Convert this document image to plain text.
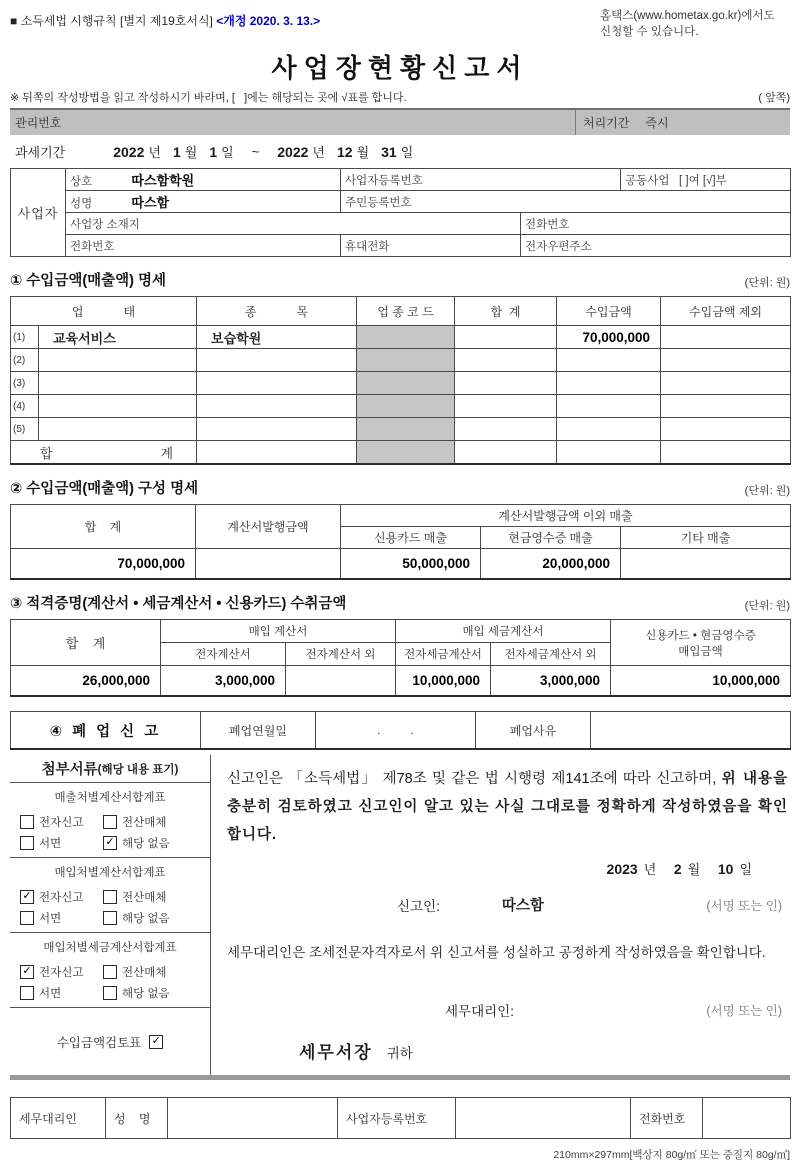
■ 소득세법 시행규칙 [별지 제19호서식] <개정 2020. 3. 13.>	홈택스(www.hometax.go.kr)에서도
신청할 수 있습니다.
사업장현황신고서
※ 뒤쪽의 작성방법을 읽고 작성하시기 바라며, [   ]에는 해당되는 곳에 √표를 합니다.	( 앞쪽)
관리번호	처리기간 즉시
과세기간	2022 년 1 월 1 일 ~ 2022 년 12 월 31 일
사업자	상호 따스함학원	사업자등록번호		공동사업   [ ]여 [√]부
	성명 따스함	주민등록번호		
	사업장 소재지		전화번호	
	전화번호	휴대전화	전자우편주소	
① 수입금액(매출액) 명세	(단위: 원)
업            태		종            목	업 종 코 드	합  계	수입금액	수입금액 제외
(1)	교육서비스	보습학원			70,000,000	
(2)						
(3)						
(4)						
(5)						

합 계						

② 수입금액(매출액) 구성 명세	(단위: 원)
합    계	계산서발행금액	계산서발행금액 이외 매출		
		신용카드 매출	현금영수증 매출	기타 매출
70,000,000		50,000,000	20,000,000	
③ 적격증명(계산서 • 세금계산서 • 신용카드) 수취금액	(단위: 원)
합    계	매입 계산서		매입 세금계산서		신용카드 • 현금영수증
매입금액

	전자계산서	전자계산서 외	전자세금계산서	전자세금계산서 외	
26,000,000	3,000,000		10,000,000	3,000,000	10,000,000
④ 폐 업 신 고	폐업연월일	.         .	폐업사유	
첨부서류 (해당 내용 표기)
매출처별계산서합계표
전자신고	전산매체
서면	✓ 해당 없음
매입처별계산서합계표
✓ 전자신고	전산매체
서면	해당 없음
매입처별세금계산서합계표
✓ 전자신고	전산매체
서면	해당 없음
수입금액검토표 ✓
신고인은 「소득세법」 제78조 및 같은 법 시행령 제141조에 따라 신고하며, 위 내용을 충분히 검토하였고 신고인이 알고 있는 사실 그대로를 정확하게 작성하였음을 확인합니다.
2023 년 2 월 10 일
신고인:	따스함	(서명 또는 인)
세무대리인은 조세전문자격자로서 위 신고서를 성실하고 공정하게 작성하였음을 확인합니다.
세무대리인:	(서명 또는 인)
세무서장 귀하
세무대리인	성    명		사업자등록번호		전화번호	
210mm×297mm[백상지 80g/㎡ 또는 중질지 80g/㎡]
